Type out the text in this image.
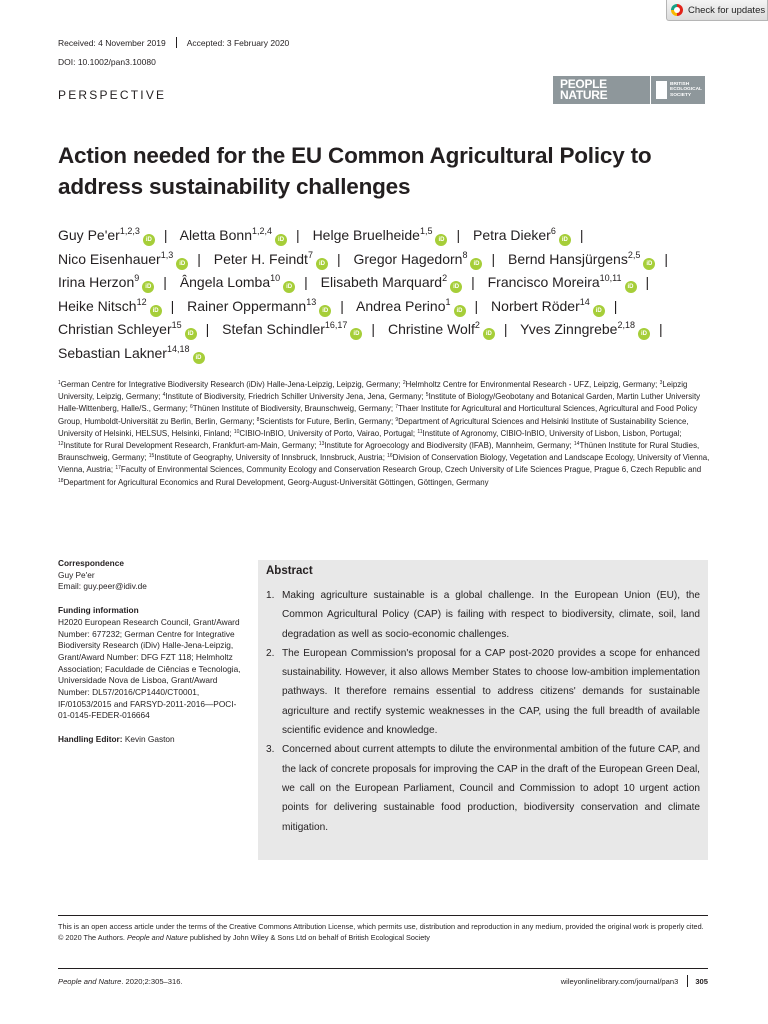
Check for updates
Received: 4 November 2019 Accepted: 3 February 2020
DOI: 10.1002/pan3.10080
PERSPECTIVE
PEOPLE
NATURE
BRITISH
ECOLOGICAL
SOCIETY
Action needed for the EU Common Agricultural Policy to address sustainability challenges
Guy Pe'er$^{1,2,3}$iD | Aletta Bonn$^{1,2,4}$iD | Helge Bruelheide$^{1,5}$iD | Petra Dieker$^6$iD | Nico Eisenhauer$^{1,3}$iD | Peter H. Feindt$^7$iD | Gregor Hagedorn$^8$iD | Bernd Hansjürgens$^{2,5}$iD | Irina Herzon$^9$iD | Ângela Lomba$^{10}$iD | Elisabeth Marquard$^2$iD | Francisco Moreira$^{10,11}$iD | Heike Nitsch$^{12}$iD | Rainer Oppermann$^{13}$iD | Andrea Perino$^1$iD | Norbert Röder$^{14}$iD | Christian Schleyer$^{15}$iD | Stefan Schindler$^{16,17}$iD | Christine Wolf$^2$iD | Yves Zinngrebe$^{2,18}$iD | Sebastian Lakner$^{14,18}$iD
$^1$German Centre for Integrative Biodiversity Research (iDiv) Halle-Jena-Leipzig, Leipzig, Germany; $^2$Helmholtz Centre for Environmental Research - UFZ, Leipzig, Germany; $^3$Leipzig University, Leipzig, Germany; $^4$Institute of Biodiversity, Friedrich Schiller University Jena, Jena, Germany; $^5$Institute of Biology/Geobotany and Botanical Garden, Martin Luther University Halle-Wittenberg, Halle/S., Germany; $^6$Thünen Institute of Biodiversity, Braunschweig, Germany; $^7$Thaer Institute for Agricultural and Horticultural Sciences, Agricultural and Food Policy Group, Humboldt-Universität zu Berlin, Berlin, Germany; $^8$Scientists for Future, Berlin, Germany; $^9$Department of Agricultural Sciences and Helsinki Institute of Sustainability Science, University of Helsinki, HELSUS, Helsinki, Finland; $^{10}$CIBIO-InBIO, University of Porto, Vairao, Portugal; $^{11}$Institute of Agronomy, CIBIO-InBIO, University of Lisbon, Lisbon, Portugal; $^{12}$Institute for Rural Development Research, Frankfurt-am-Main, Germany; $^{13}$Institute for Agroecology and Biodiversity (IFAB), Mannheim, Germany; $^{14}$Thünen Institute for Rural Studies, Braunschweig, Germany; $^{15}$Institute of Geography, University of Innsbruck, Innsbruck, Austria; $^{16}$Division of Conservation Biology, Vegetation and Landscape Ecology, University of Vienna, Vienna, Austria; $^{17}$Faculty of Environmental Sciences, Community Ecology and Conservation Research Group, Czech University of Life Sciences Prague, Prague 6, Czech Republic and $^{18}$Department for Agricultural Economics and Rural Development, Georg-August-Universität Göttingen, Göttingen, Germany
Correspondence
Guy Pe'er
Email: guy.peer@idiv.de
Funding information
H2020 European Research Council, Grant/Award Number: 677232; German Centre for Integrative Biodiversity Research (iDiv) Halle-Jena-Leipzig, Grant/Award Number: DFG FZT 118; Helmholtz Association; Faculdade de Ciências e Tecnologia, Universidade Nova de Lisboa, Grant/Award Number: DL57/2016/CP1440/CT0001, IF/01053/2015 and FARSYD-2011-2016—POCI-01-0145-FEDER-016664
Handling Editor: Kevin Gaston
Abstract
1. Making agriculture sustainable is a global challenge. In the European Union (EU), the Common Agricultural Policy (CAP) is failing with respect to biodiversity, climate, soil, land degradation as well as socio-economic challenges.
2. The European Commission's proposal for a CAP post-2020 provides a scope for enhanced sustainability. However, it also allows Member States to choose low-ambition implementation pathways. It therefore remains essential to address citizens' demands for sustainable agriculture and rectify systemic weaknesses in the CAP, using the full breadth of available scientific evidence and knowledge.
3. Concerned about current attempts to dilute the environmental ambition of the future CAP, and the lack of concrete proposals for improving the CAP in the draft of the European Green Deal, we call on the European Parliament, Council and Commission to adopt 10 urgent action points for delivering sustainable food production, biodiversity conservation and climate mitigation.
This is an open access article under the terms of the Creative Commons Attribution License, which permits use, distribution and reproduction in any medium, provided the original work is properly cited.
© 2020 The Authors. People and Nature published by John Wiley & Sons Ltd on behalf of British Ecological Society
People and Nature. 2020;2:305–316.	wileyonlinelibrary.com/journal/pan3 305
